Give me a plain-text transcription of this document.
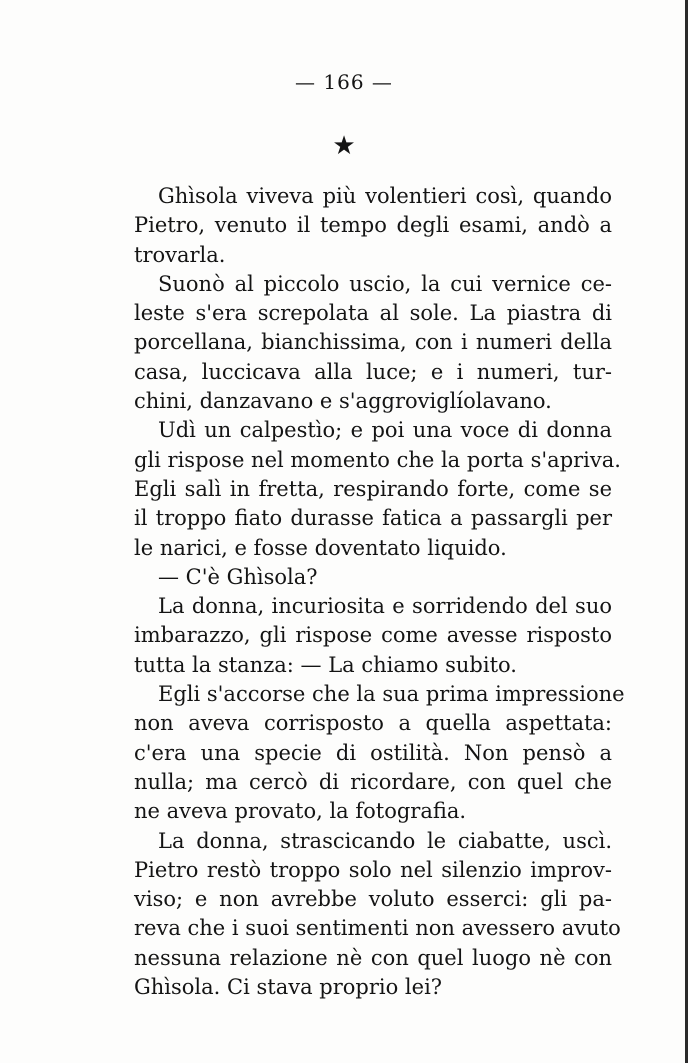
— 166 —
★
Ghìsola viveva più volentieri così, quando
Pietro, venuto il tempo degli esami, andò a
trovarla.
Suonò al piccolo uscio, la cui vernice ce-
leste s'era screpolata al sole. La piastra di
porcellana, bianchissima, con i numeri della
casa, luccicava alla luce; e i numeri, tur-
chini, danzavano e s'aggroviglíolavano.
Udì un calpestìo; e poi una voce di donna
gli rispose nel momento che la porta s'apriva.
Egli salì in fretta, respirando forte, come se
il troppo fiato durasse fatica a passargli per
le narici, e fosse doventato liquido.
— C'è Ghìsola?
La donna, incuriosita e sorridendo del suo
imbarazzo, gli rispose come avesse risposto
tutta la stanza: — La chiamo subito.
Egli s'accorse che la sua prima impressione
non aveva corrisposto a quella aspettata:
c'era una specie di ostilità. Non pensò a
nulla; ma cercò di ricordare, con quel che
ne aveva provato, la fotografia.
La donna, strascicando le ciabatte, uscì.
Pietro restò troppo solo nel silenzio improv-
viso; e non avrebbe voluto esserci: gli pa-
reva che i suoi sentimenti non avessero avuto
nessuna relazione nè con quel luogo nè con
Ghìsola. Ci stava proprio lei?
